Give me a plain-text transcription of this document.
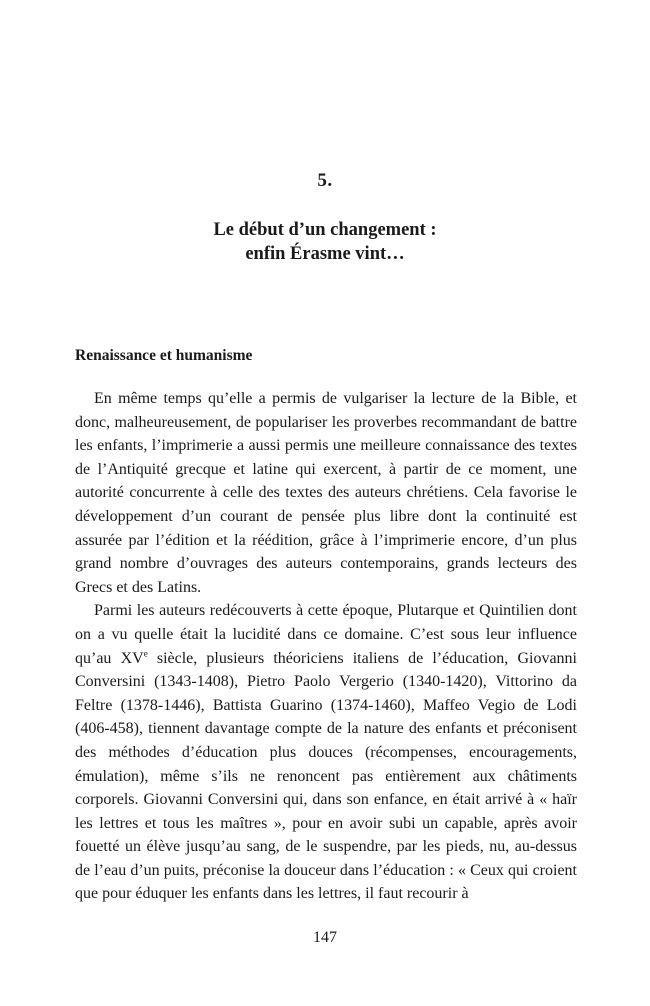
5.
Le début d’un changement :
enfin Érasme vint…
Renaissance et humanisme

En même temps qu’elle a permis de vulgariser la lecture de la Bible, et donc, malheureusement, de populariser les proverbes recommandant de battre les enfants, l’imprimerie a aussi permis une meilleure connaissance des textes de l’Antiquité grecque et latine qui exercent, à partir de ce moment, une autorité concurrente à celle des textes des auteurs chrétiens. Cela favorise le développement d’un courant de pensée plus libre dont la continuité est assurée par l’édition et la réédition, grâce à l’imprimerie encore, d’un plus grand nombre d’ouvrages des auteurs contemporains, grands lecteurs des Grecs et des Latins.

Parmi les auteurs redécouverts à cette époque, Plutarque et Quintilien dont on a vu quelle était la lucidité dans ce domaine. C’est sous leur influence qu’au XVe siècle, plusieurs théoriciens italiens de l’éducation, Giovanni Conversini (1343-1408), Pietro Paolo Vergerio (1340-1420), Vittorino da Feltre (1378-1446), Battista Guarino (1374-1460), Maffeo Vegio de Lodi (406-458), tiennent davantage compte de la nature des enfants et préconisent des méthodes d’éducation plus douces (récompenses, encouragements, émulation), même s’ils ne renoncent pas entièrement aux châtiments corporels. Giovanni Conversini qui, dans son enfance, en était arrivé à « haïr les lettres et tous les maîtres », pour en avoir subi un capable, après avoir fouetté un élève jusqu’au sang, de le suspendre, par les pieds, nu, au-dessus de l’eau d’un puits, préconise la douceur dans l’éducation : « Ceux qui croient que pour éduquer les enfants dans les lettres, il faut recourir à

147
